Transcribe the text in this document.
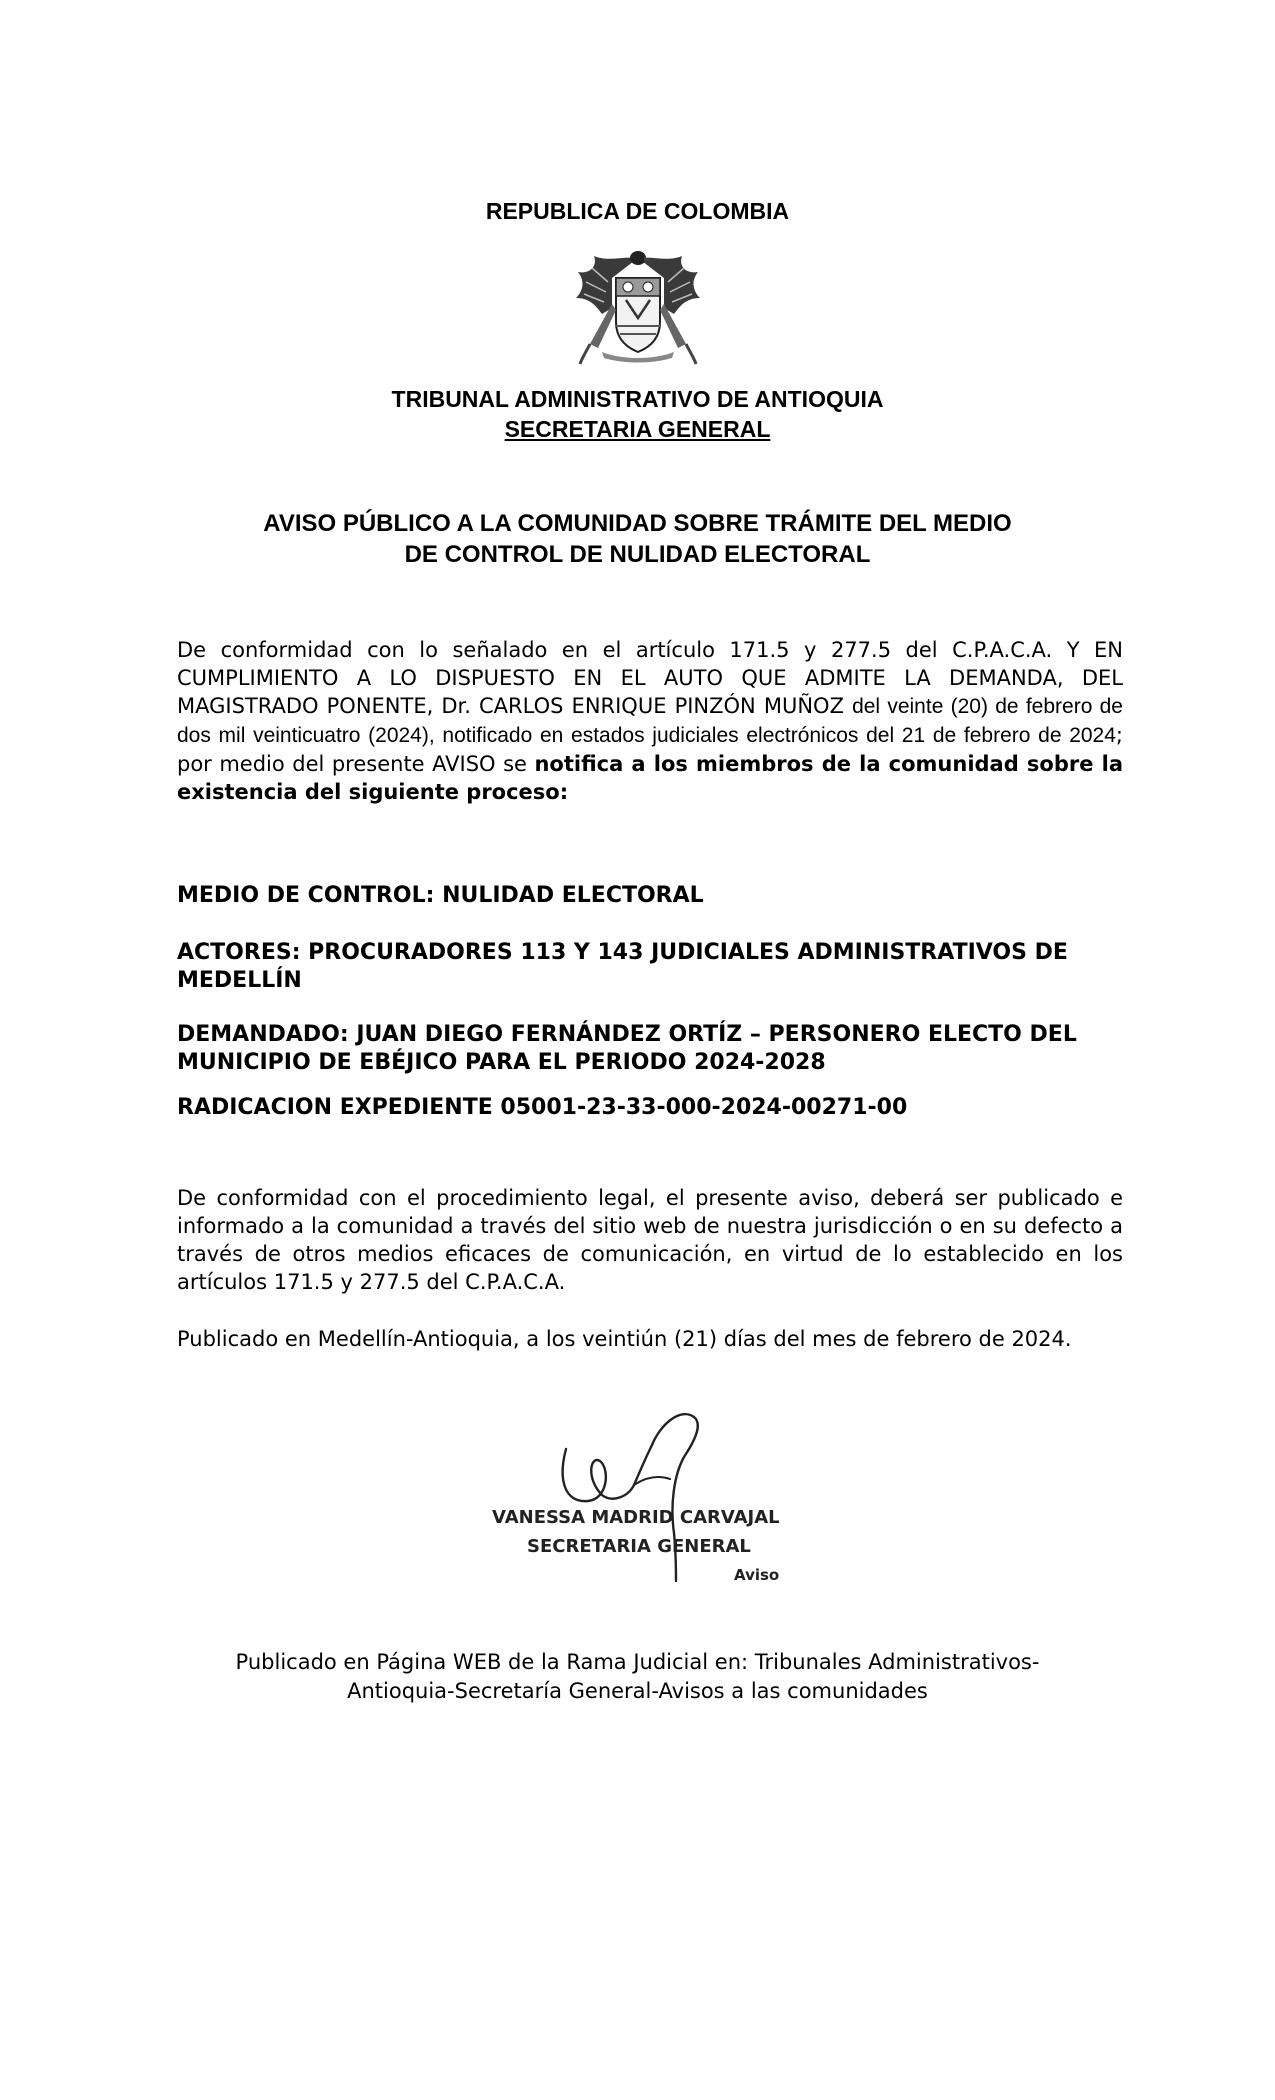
REPUBLICA DE COLOMBIA
TRIBUNAL ADMINISTRATIVO DE ANTIOQUIA
SECRETARIA GENERAL
AVISO PÚBLICO A LA COMUNIDAD SOBRE TRÁMITE DEL MEDIO
DE CONTROL DE NULIDAD ELECTORAL
De conformidad con lo señalado en el artículo 171.5 y 277.5 del C.P.A.C.A. Y EN CUMPLIMIENTO A LO DISPUESTO EN EL AUTO QUE ADMITE LA DEMANDA, DEL MAGISTRADO PONENTE, Dr. CARLOS ENRIQUE PINZÓN MUÑOZ del veinte (20) de febrero de dos mil veinticuatro (2024), notificado en estados judiciales electrónicos del 21 de febrero de 2024; por medio del presente AVISO se notifica a los miembros de la comunidad sobre la existencia del siguiente proceso:
MEDIO DE CONTROL: NULIDAD ELECTORAL
ACTORES: PROCURADORES 113 Y 143 JUDICIALES ADMINISTRATIVOS DE MEDELLÍN
DEMANDADO: JUAN DIEGO FERNÁNDEZ ORTÍZ – PERSONERO ELECTO DEL MUNICIPIO DE EBÉJICO PARA EL PERIODO 2024-2028
RADICACION EXPEDIENTE 05001-23-33-000-2024-00271-00
De conformidad con el procedimiento legal, el presente aviso, deberá ser publicado e informado a la comunidad a través del sitio web de nuestra jurisdicción o en su defecto a través de otros medios eficaces de comunicación, en virtud de lo establecido en los artículos 171.5 y 277.5 del C.P.A.C.A.
Publicado en Medellín-Antioquia, a los veintiún (21) días del mes de febrero de 2024.
VANESSA MADRID CARVAJAL
SECRETARIA GENERAL
Aviso
Publicado en Página WEB de la Rama Judicial en: Tribunales Administrativos-
Antioquia-Secretaría General-Avisos a las comunidades
